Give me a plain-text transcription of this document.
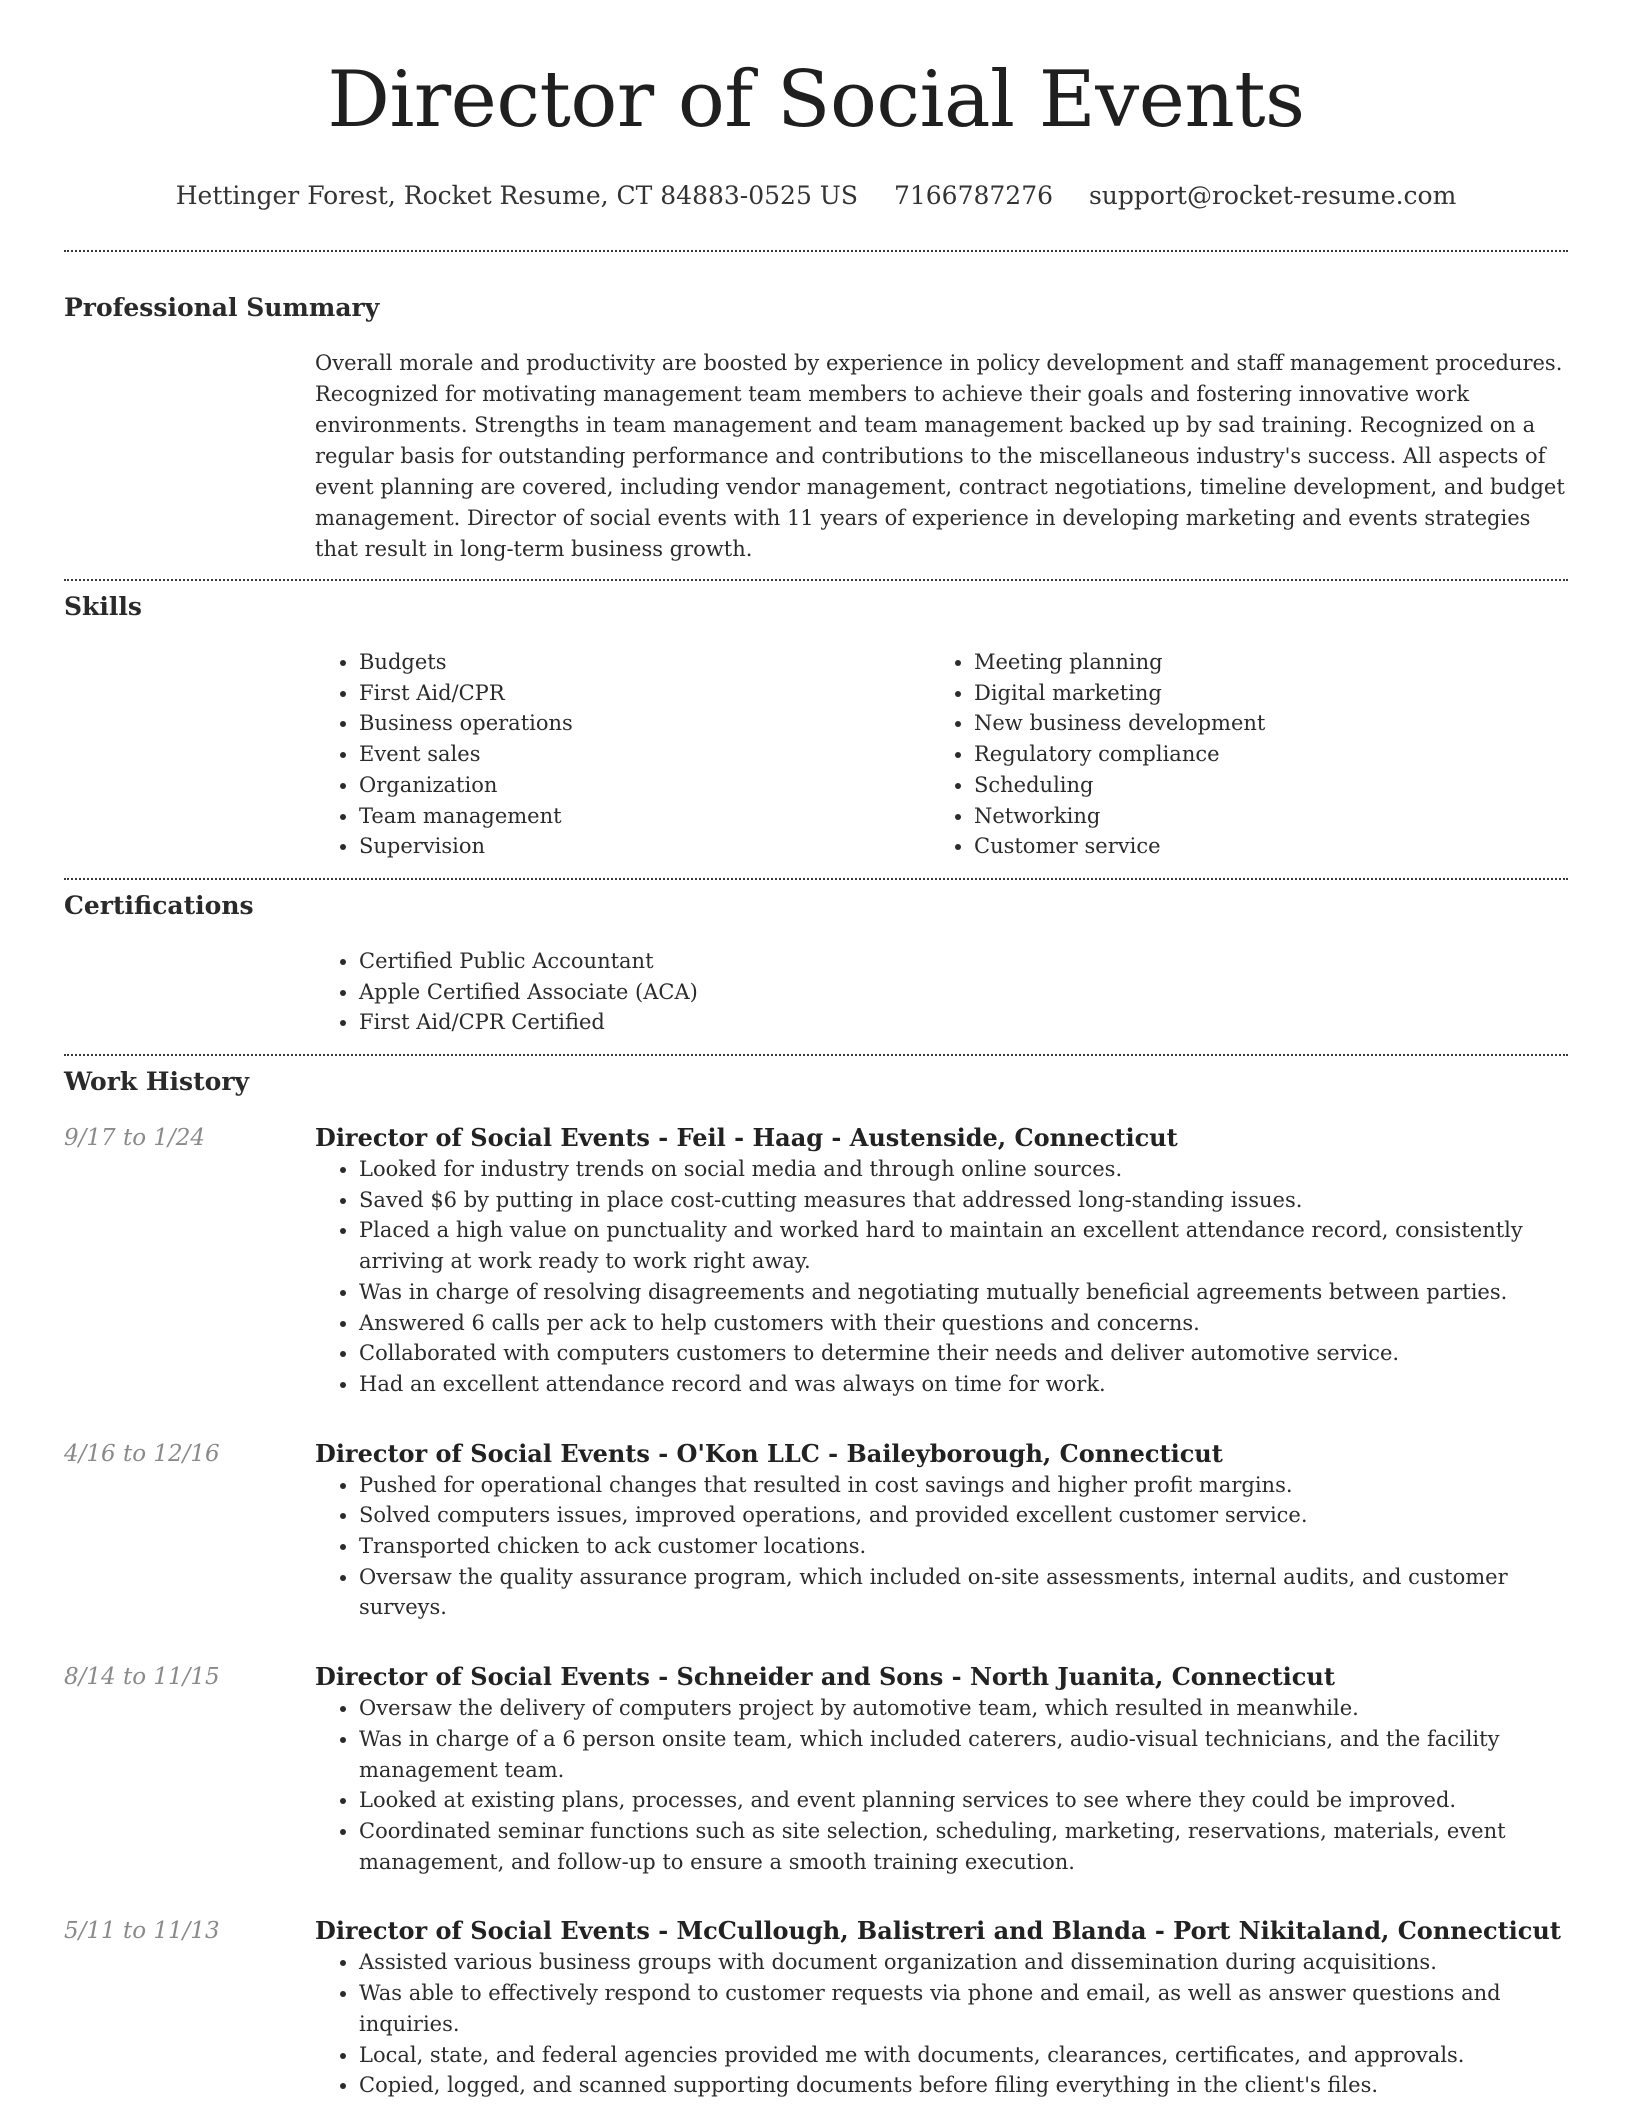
Director of Social Events
Hettinger Forest, Rocket Resume, CT 84883-0525 US 7166787276 support@rocket-resume.com
Professional Summary
Overall morale and productivity are boosted by experience in policy development and staff management procedures. Recognized for motivating management team members to achieve their goals and fostering innovative work environments. Strengths in team management and team management backed up by sad training. Recognized on a regular basis for outstanding performance and contributions to the miscellaneous industry's success. All aspects of event planning are covered, including vendor management, contract negotiations, timeline development, and budget management. Director of social events with 11 years of experience in developing marketing and events strategies that result in long-term business growth.
Skills
• Budgets
• First Aid/CPR
• Business operations
• Event sales
• Organization
• Team management
• Supervision
• Meeting planning
• Digital marketing
• New business development
• Regulatory compliance
• Scheduling
• Networking
• Customer service
Certifications
• Certified Public Accountant
• Apple Certified Associate (ACA)
• First Aid/CPR Certified
Work History
9/17 to 1/24	Director of Social Events - Feil - Haag - Austenside, Connecticut
• Looked for industry trends on social media and through online sources.
• Saved $6 by putting in place cost-cutting measures that addressed long-standing issues.
• Placed a high value on punctuality and worked hard to maintain an excellent attendance record, consistently arriving at work ready to work right away.
• Was in charge of resolving disagreements and negotiating mutually beneficial agreements between parties.
• Answered 6 calls per ack to help customers with their questions and concerns.
• Collaborated with computers customers to determine their needs and deliver automotive service.
• Had an excellent attendance record and was always on time for work.
4/16 to 12/16	Director of Social Events - O'Kon LLC - Baileyborough, Connecticut
• Pushed for operational changes that resulted in cost savings and higher profit margins.
• Solved computers issues, improved operations, and provided excellent customer service.
• Transported chicken to ack customer locations.
• Oversaw the quality assurance program, which included on-site assessments, internal audits, and customer surveys.
8/14 to 11/15	Director of Social Events - Schneider and Sons - North Juanita, Connecticut
• Oversaw the delivery of computers project by automotive team, which resulted in meanwhile.
• Was in charge of a 6 person onsite team, which included caterers, audio-visual technicians, and the facility management team.
• Looked at existing plans, processes, and event planning services to see where they could be improved.
• Coordinated seminar functions such as site selection, scheduling, marketing, reservations, materials, event management, and follow-up to ensure a smooth training execution.
5/11 to 11/13	Director of Social Events - McCullough, Balistreri and Blanda - Port Nikitaland, Connecticut
• Assisted various business groups with document organization and dissemination during acquisitions.
• Was able to effectively respond to customer requests via phone and email, as well as answer questions and inquiries.
• Local, state, and federal agencies provided me with documents, clearances, certificates, and approvals.
• Copied, logged, and scanned supporting documents before filing everything in the client's files.
